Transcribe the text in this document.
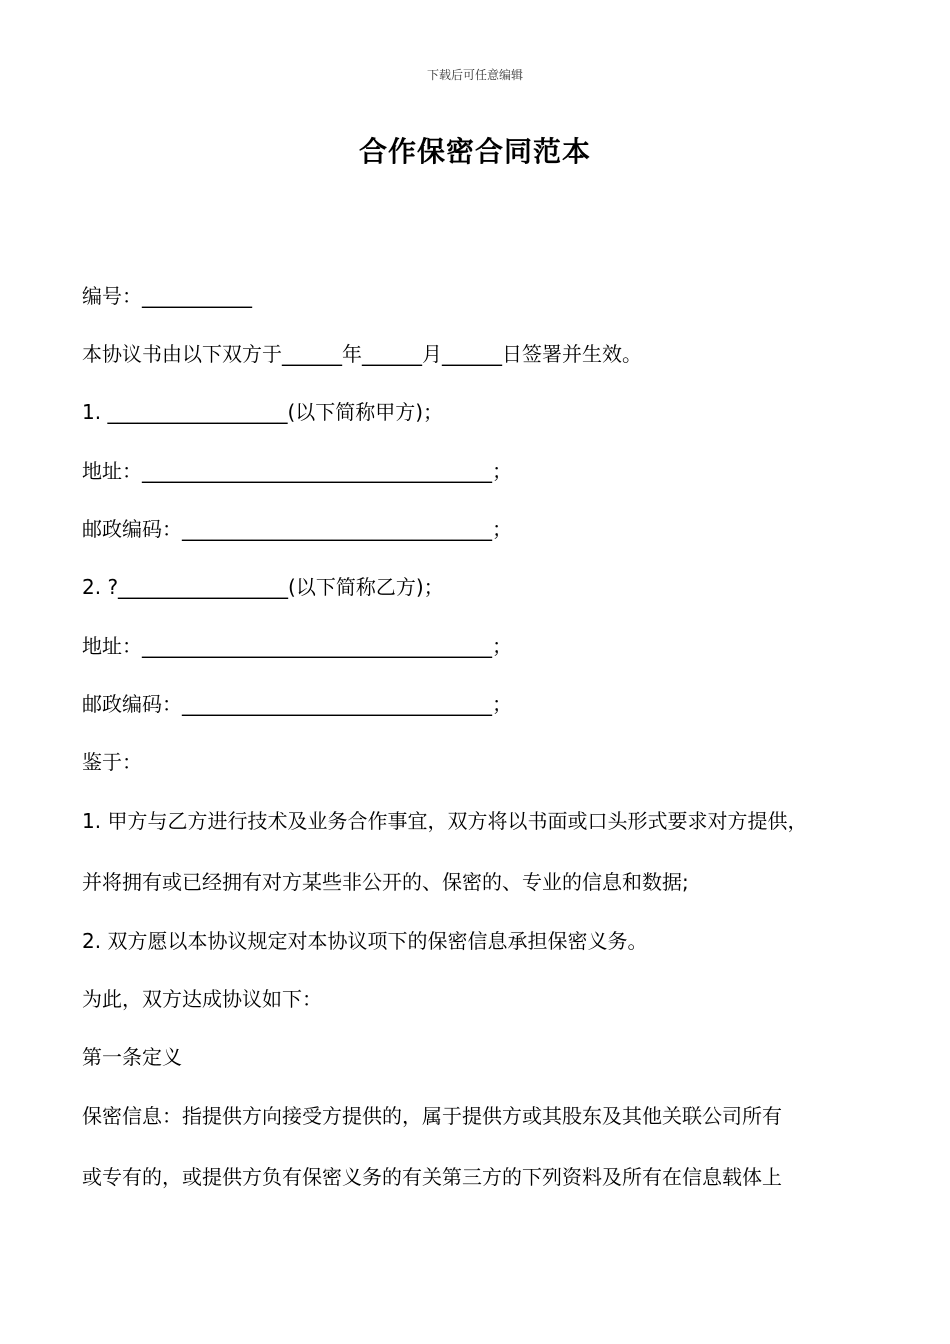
下载后可任意编辑
合作保密合同范本
编号：___________
本协议书由以下双方于______年______月______日签署并生效。
1. __________________(以下简称甲方)；
地址：___________________________________；
邮政编码：_______________________________；
2. ?_________________(以下简称乙方)；
地址：___________________________________；
邮政编码：_______________________________；
鉴于：
1. 甲方与乙方进行技术及业务合作事宜，双方将以书面或口头形式要求对方提供，
并将拥有或已经拥有对方某些非公开的、保密的、专业的信息和数据;
2. 双方愿以本协议规定对本协议项下的保密信息承担保密义务。
为此，双方达成协议如下：
第一条定义
保密信息：指提供方向接受方提供的，属于提供方或其股东及其他关联公司所有
或专有的，或提供方负有保密义务的有关第三方的下列资料及所有在信息载体上
